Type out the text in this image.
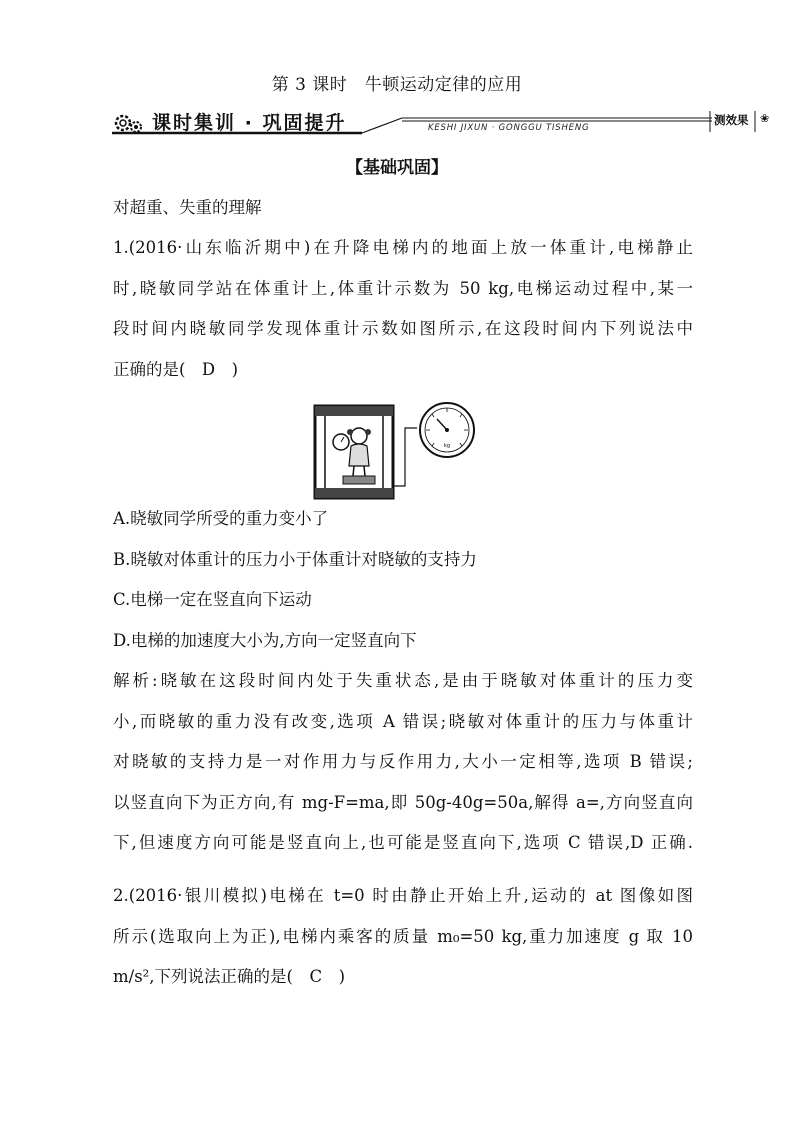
第 3 课时　牛顿运动定律的应用
课时集训 · 巩固提升	KESHI JIXUN · GONGGU TISHENG
测效果 ❀
【基础巩固】
对超重、失重的理解
1.(2016·山东临沂期中)在升降电梯内的地面上放一体重计,电梯静止
时,晓敏同学站在体重计上,体重计示数为 50 kg,电梯运动过程中,某一
段时间内晓敏同学发现体重计示数如图所示,在这段时间内下列说法中
正确的是(　D　)
kg
A.晓敏同学所受的重力变小了
B.晓敏对体重计的压力小于体重计对晓敏的支持力
C.电梯一定在竖直向下运动
D.电梯的加速度大小为,方向一定竖直向下
解析:晓敏在这段时间内处于失重状态,是由于晓敏对体重计的压力变
小,而晓敏的重力没有改变,选项 A 错误;晓敏对体重计的压力与体重计
对晓敏的支持力是一对作用力与反作用力,大小一定相等,选项 B 错误;
以竖直向下为正方向,有 mg-F=ma,即 50g-40g=50a,解得 a=,方向竖直向
下,但速度方向可能是竖直向上,也可能是竖直向下,选项 C 错误,D 正确.
2.(2016·银川模拟)电梯在 t=0 时由静止开始上升,运动的 at 图像如图
所示(选取向上为正),电梯内乘客的质量 m₀=50 kg,重力加速度 g 取 10
m/s²,下列说法正确的是(　C　)
